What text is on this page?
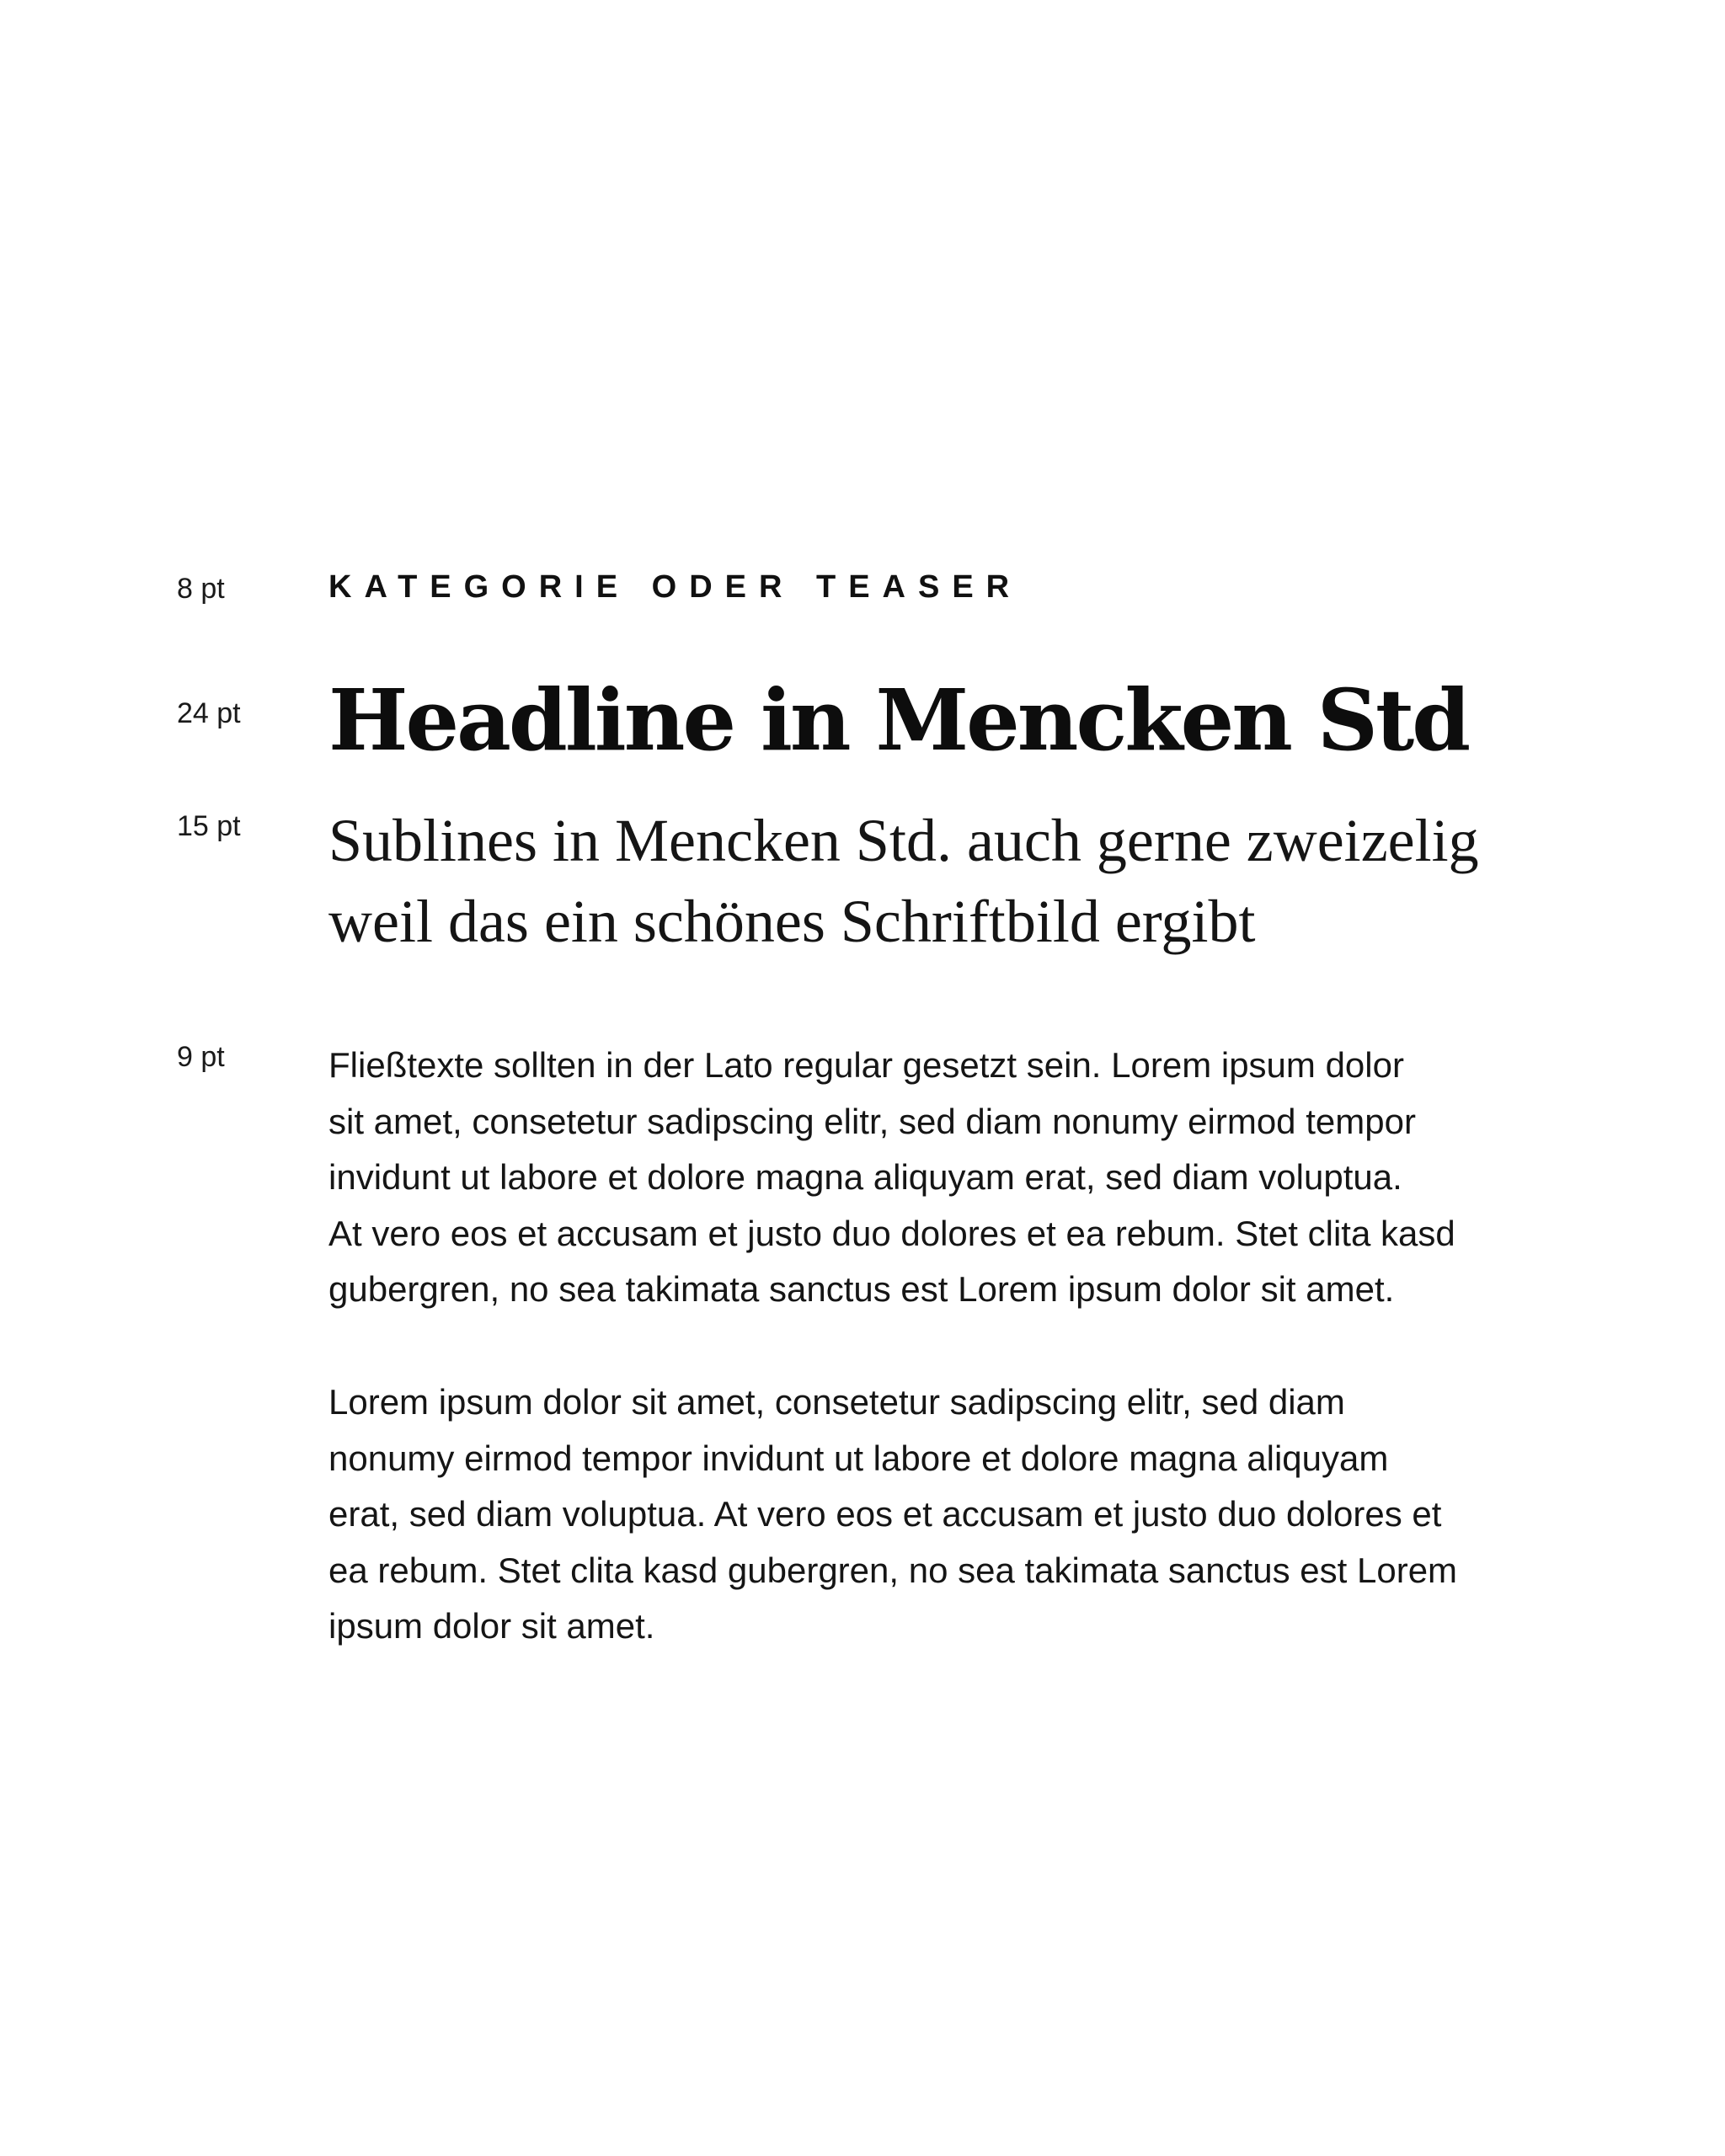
8 pt
24 pt
15 pt
9 pt
KATEGORIE ODER TEASER
Headline in Mencken Std
Sublines in Mencken Std. auch gerne zweizelig
weil das ein schönes Schriftbild ergibt
Fließtexte sollten in der Lato regular gesetzt sein. Lorem ipsum dolor
sit amet, consetetur sadipscing elitr, sed diam nonumy eirmod tempor
invidunt ut labore et dolore magna aliquyam erat, sed diam voluptua.
At vero eos et accusam et justo duo dolores et ea rebum. Stet clita kasd
gubergren, no sea takimata sanctus est Lorem ipsum dolor sit amet.
Lorem ipsum dolor sit amet, consetetur sadipscing elitr, sed diam
nonumy eirmod tempor invidunt ut labore et dolore magna aliquyam
erat, sed diam voluptua. At vero eos et accusam et justo duo dolores et
ea rebum. Stet clita kasd gubergren, no sea takimata sanctus est Lorem
ipsum dolor sit amet.
